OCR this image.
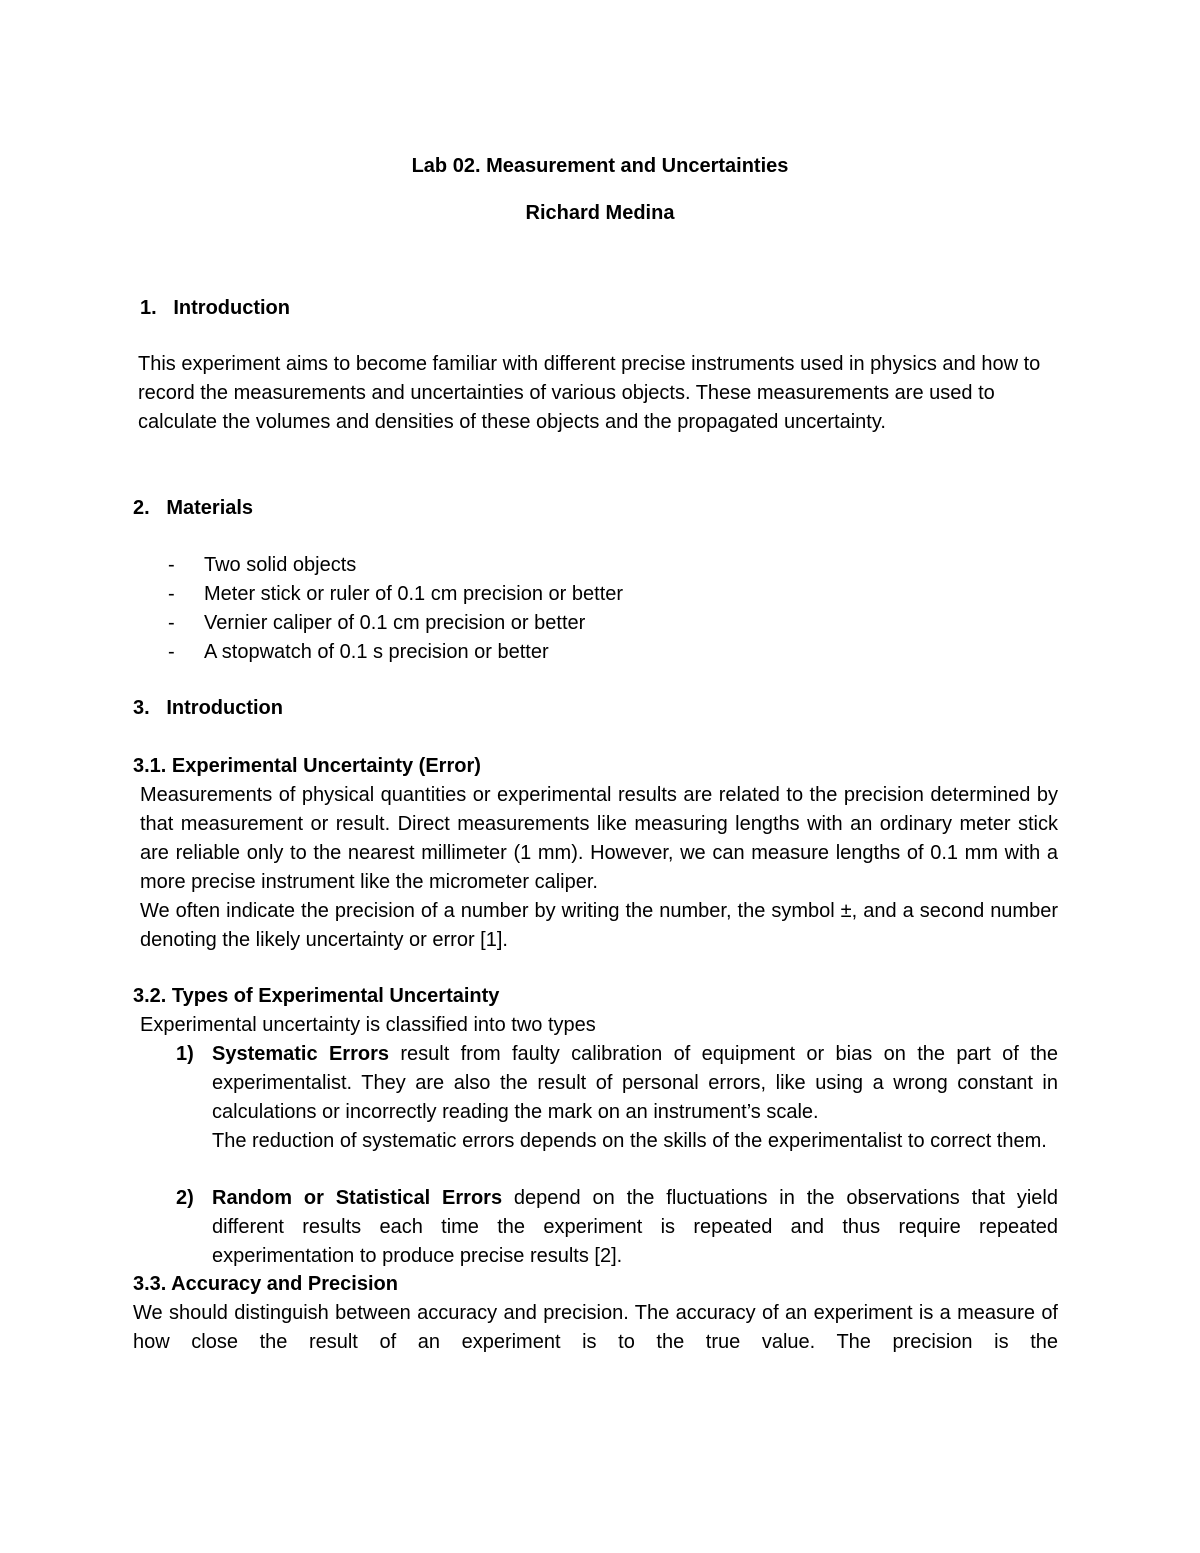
Lab 02. Measurement and Uncertainties
Richard Medina
1.   Introduction
This experiment aims to become familiar with different precise instruments used in physics and how to record the measurements and uncertainties of various objects. These measurements are used to calculate the volumes and densities of these objects and the propagated uncertainty.
2.   Materials
- Two solid objects
- Meter stick or ruler of 0.1 cm precision or better
- Vernier caliper of 0.1 cm precision or better
- A stopwatch of 0.1 s precision or better
3.   Introduction
3.1. Experimental Uncertainty (Error)
Measurements of physical quantities or experimental results are related to the precision determined by that measurement or result. Direct measurements like measuring lengths with an ordinary meter stick are reliable only to the nearest millimeter (1 mm). However, we can measure lengths of 0.1 mm with a more precise instrument like the micrometer caliper.
We often indicate the precision of a number by writing the number, the symbol ±, and a second number denoting the likely uncertainty or error [1].
3.2. Types of Experimental Uncertainty
Experimental uncertainty is classified into two types
1) Systematic Errors result from faulty calibration of equipment or bias on the part of the experimentalist. They are also the result of personal errors, like using a wrong constant in calculations or incorrectly reading the mark on an instrument’s scale.
The reduction of systematic errors depends on the skills of the experimentalist to correct them.
2) Random or Statistical Errors depend on the fluctuations in the observations that yield different results each time the experiment is repeated and thus require repeated experimentation to produce precise results [2].
3.3. Accuracy and Precision
We should distinguish between accuracy and precision. The accuracy of an experiment is a measure of how close the result of an experiment is to the true value. The precision is the
